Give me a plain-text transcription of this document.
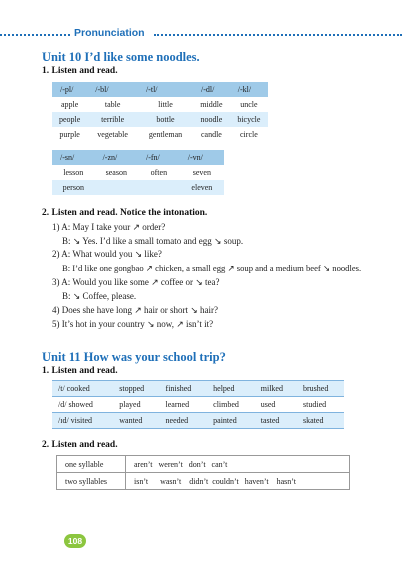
Pronunciation
Unit 10 I’d like some noodles.
1. Listen and read.
/-pl/	/-bl/	/-tl/	/-dl/	/-kl/
apple	table	little	middle	uncle
people	terrible	bottle	noodle	bicycle
purple	vegetable	gentleman	candle	circle
/-sn/	/-zn/	/-fn/	/-vn/
lesson	season	often	seven
person			eleven
2. Listen and read. Notice the intonation.
1) A: May I take your ↗ order?
B: ↘ Yes. I’d like a small tomato and egg ↘ soup.
2) A: What would you ↘ like?
B: I’d like one gongbao ↗ chicken, a small egg ↗ soup and a medium beef ↘ noodles.
3) A: Would you like some ↗ coffee or ↘ tea?
B: ↘ Coffee, please.
4) Does she have long ↗ hair or short ↘ hair?
5) It’s hot in your country ↘ now, ↗ isn’t it?
Unit 11 How was your school trip?
1. Listen and read.
/t/ cooked	stopped	finished	helped	milked	brushed
/d/ showed	played	learned	climbed	used	studied
/ɪd/ visited	wanted	needed	painted	tasted	skated
2. Listen and read.
one syllable	aren’t   weren’t   don’t   can’t
two syllables	isn’t      wasn’t    didn’t  couldn’t   haven’t    hasn’t
108
